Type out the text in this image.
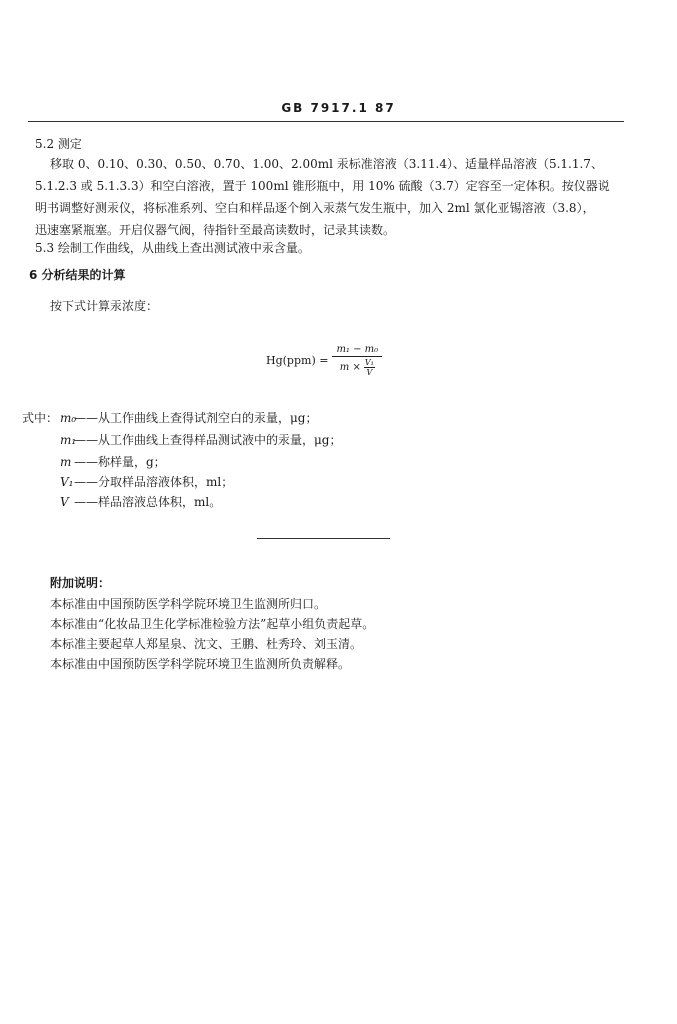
GB 7917.1 87
5.2 测定
移取 0、0.10、0.30、0.50、0.70、1.00、2.00ml 汞标准溶液（3.11.4）、适量样品溶液（5.1.1.7、
5.1.2.3 或 5.1.3.3）和空白溶液，置于 100ml 锥形瓶中，用 10% 硫酸（3.7）定容至一定体积。按仪器说
明书调整好测汞仪，将标准系列、空白和样品逐个倒入汞蒸气发生瓶中，加入 2ml 氯化亚锡溶液（3.8），
迅速塞紧瓶塞。开启仪器气阀，待指针至最高读数时，记录其读数。
5.3 绘制工作曲线，从曲线上查出测试液中汞含量。
6 分析结果的计算
按下式计算汞浓度：
$Hg(ppm) = \frac{\text{m₁ − m₀}}{m \times \frac{\text{V₁}}{V}}$
式中： m₀
——从工作曲线上查得试剂空白的汞量，μg；
m₁
——从工作曲线上查得样品测试液中的汞量，μg；
m ——称样量，g；
V₁ ——分取样品溶液体积，ml；
V ——样品溶液总体积，ml。
附加说明：
本标准由中国预防医学科学院环境卫生监测所归口。
本标准由“化妆品卫生化学标准检验方法”起草小组负责起草。
本标准主要起草人郑星泉、沈文、王鹏、杜秀玲、刘玉清。
本标准由中国预防医学科学院环境卫生监测所负责解释。
